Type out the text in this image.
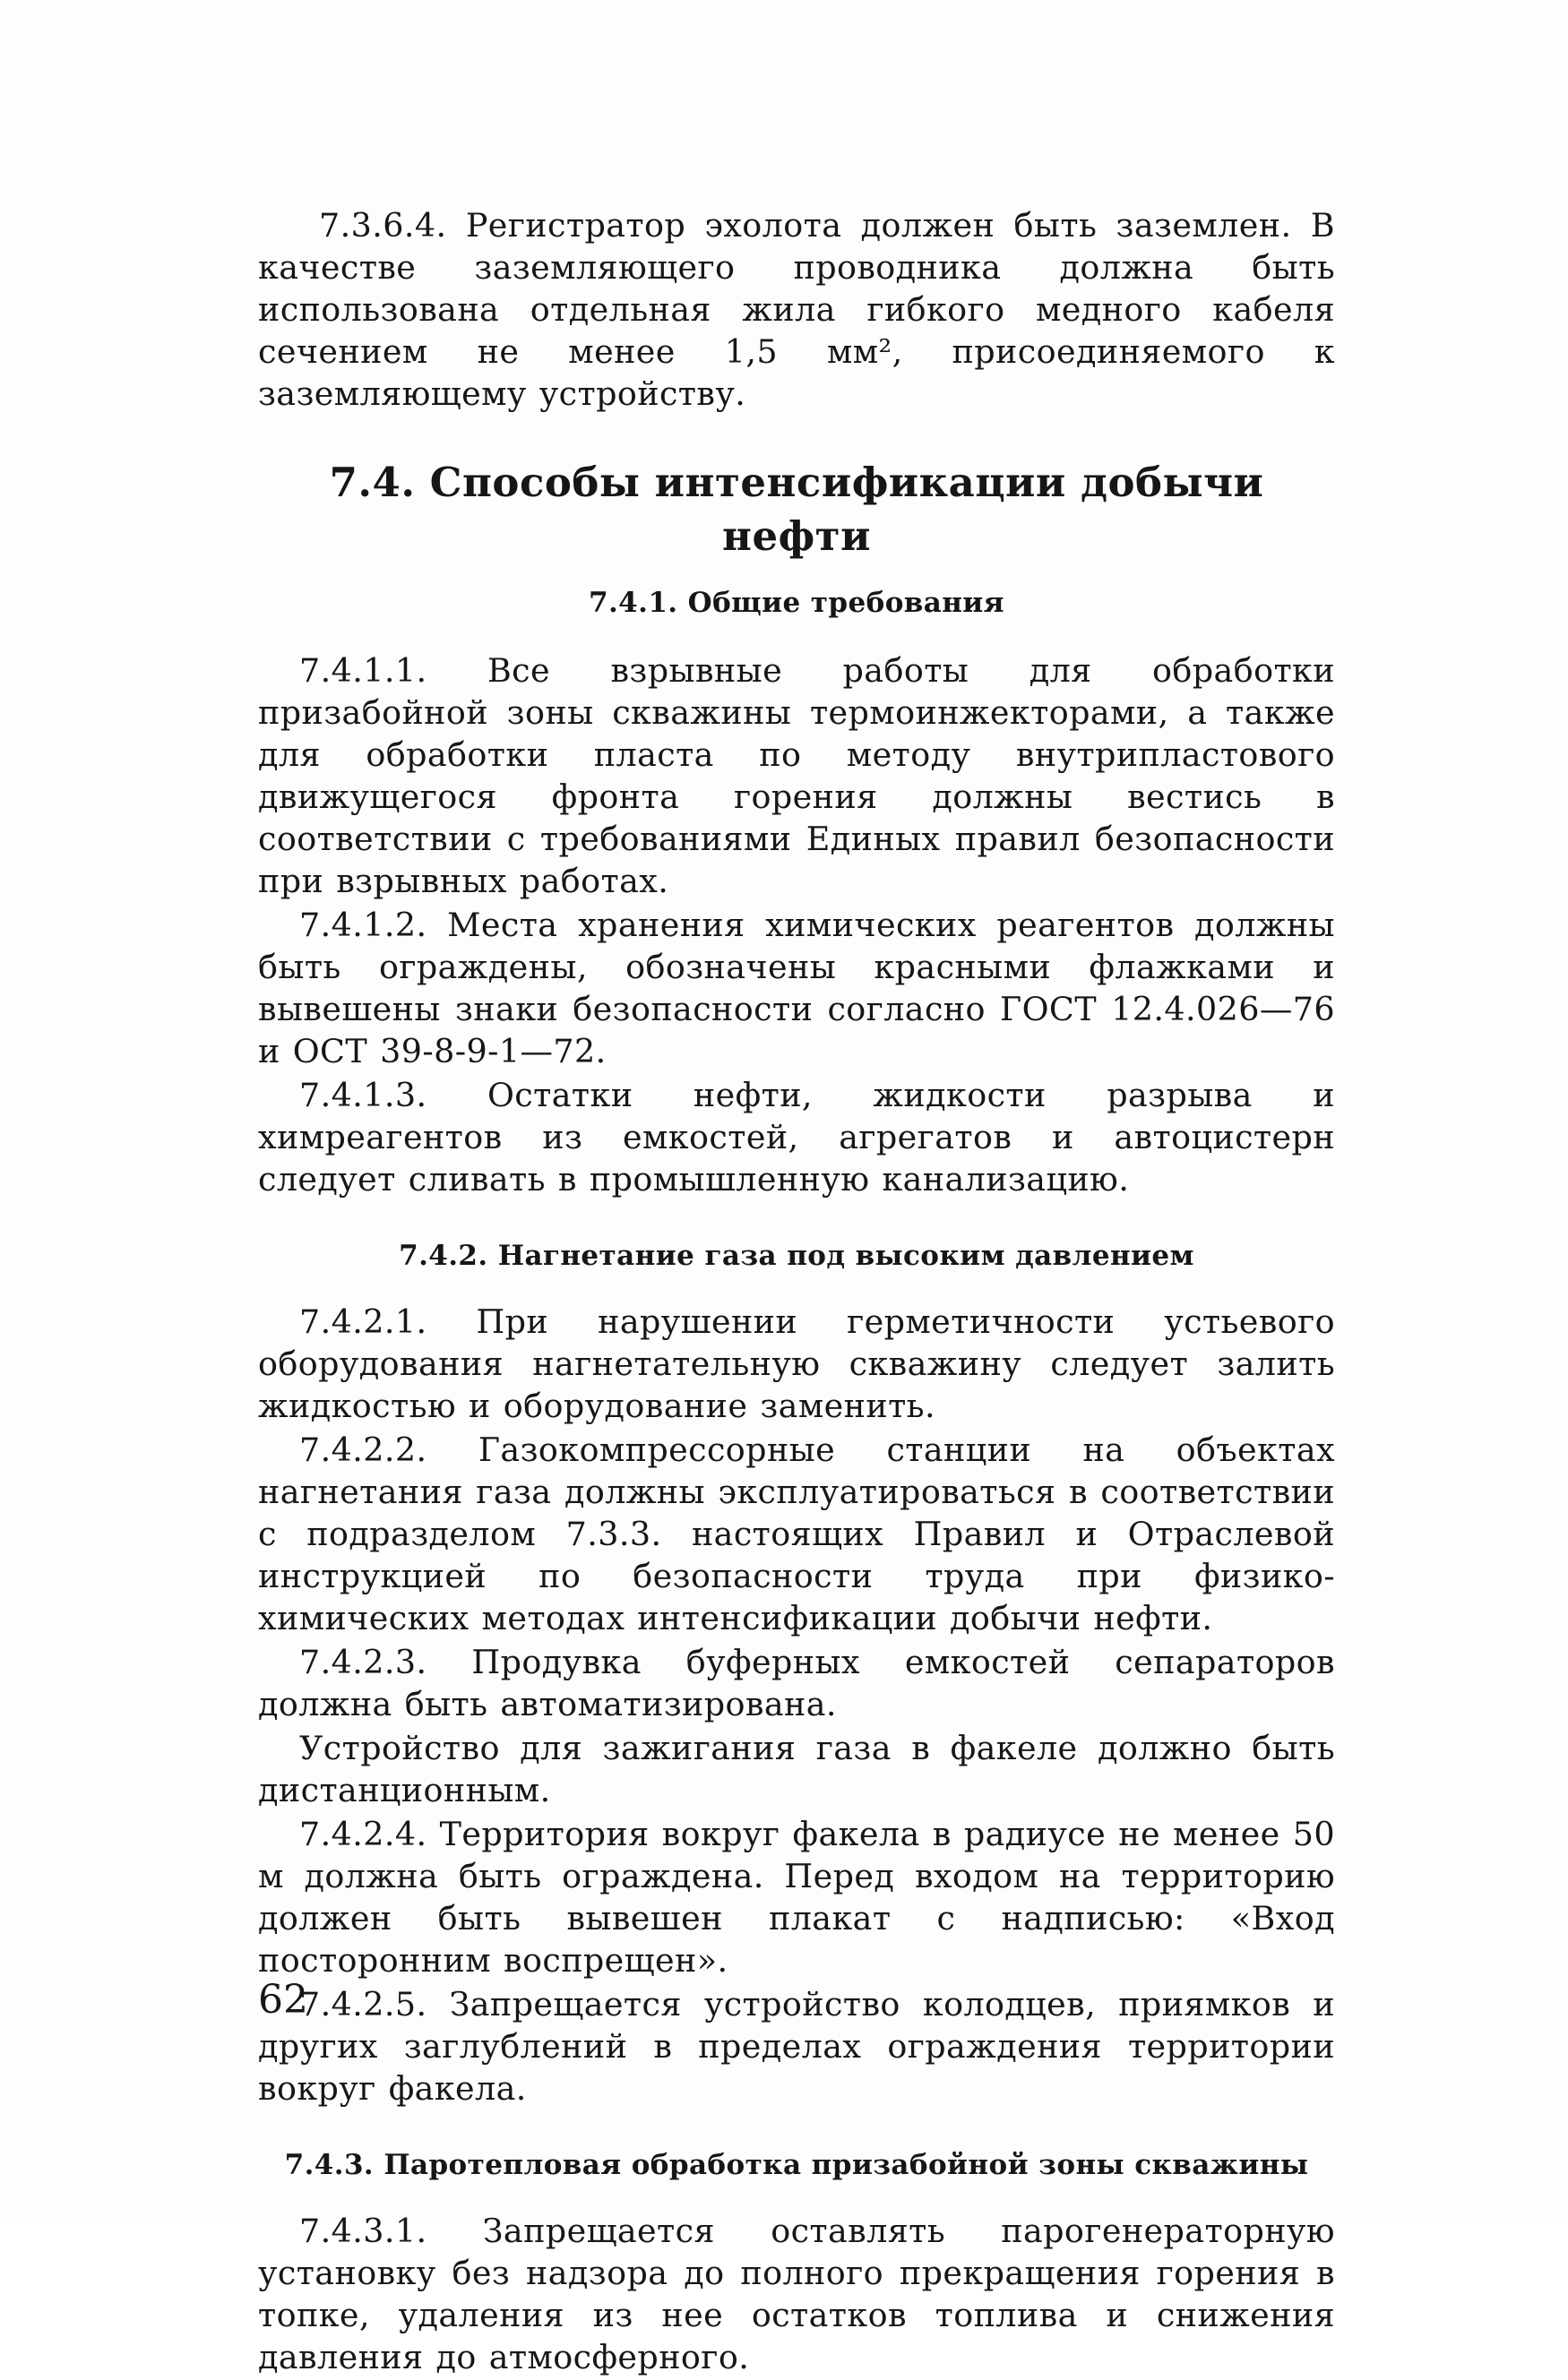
7.3.6.4. Регистратор эхолота должен быть заземлен. В качестве заземляющего проводника должна быть использована отдельная жила гибкого медного кабеля сечением не менее 1,5 мм², присоединяемого к заземляющему устройству.

7.4. Способы интенсификации добычи нефти
7.4.1. Общие требования

7.4.1.1. Все взрывные работы для обработки призабойной зоны скважины термоинжекторами, а также для обработки пласта по методу внутрипластового движущегося фронта горения должны вестись в соответствии с требованиями Единых правил безопасности при взрывных работах.

7.4.1.2. Места хранения химических реагентов должны быть ограждены, обозначены красными флажками и вывешены знаки безопасности согласно ГОСТ 12.4.026—76 и ОСТ 39-8-9-1—72.

7.4.1.3. Остатки нефти, жидкости разрыва и химреагентов из емкостей, агрегатов и автоцистерн следует сливать в промышленную канализацию.

7.4.2. Нагнетание газа под высоким давлением

7.4.2.1. При нарушении герметичности устьевого оборудования нагнетательную скважину следует залить жидкостью и оборудование заменить.

7.4.2.2. Газокомпрессорные станции на объектах нагнетания газа должны эксплуатироваться в соответствии с подразделом 7.3.3. настоящих Правил и Отраслевой инструкцией по безопасности труда при физико-химических методах интенсификации добычи нефти.

7.4.2.3. Продувка буферных емкостей сепараторов должна быть автоматизирована.

Устройство для зажигания газа в факеле должно быть дистанционным.

7.4.2.4. Территория вокруг факела в радиусе не менее 50 м должна быть ограждена. Перед входом на территорию должен быть вывешен плакат с надписью: «Вход посторонним воспрещен».

7.4.2.5. Запрещается устройство колодцев, приямков и других заглублений в пределах ограждения территории вокруг факела.

7.4.3. Паротепловая обработка призабойной зоны скважины

7.4.3.1. Запрещается оставлять парогенераторную установку без надзора до полного прекращения горения в топке, удаления из нее остатков топлива и снижения давления до атмосферного.

62
